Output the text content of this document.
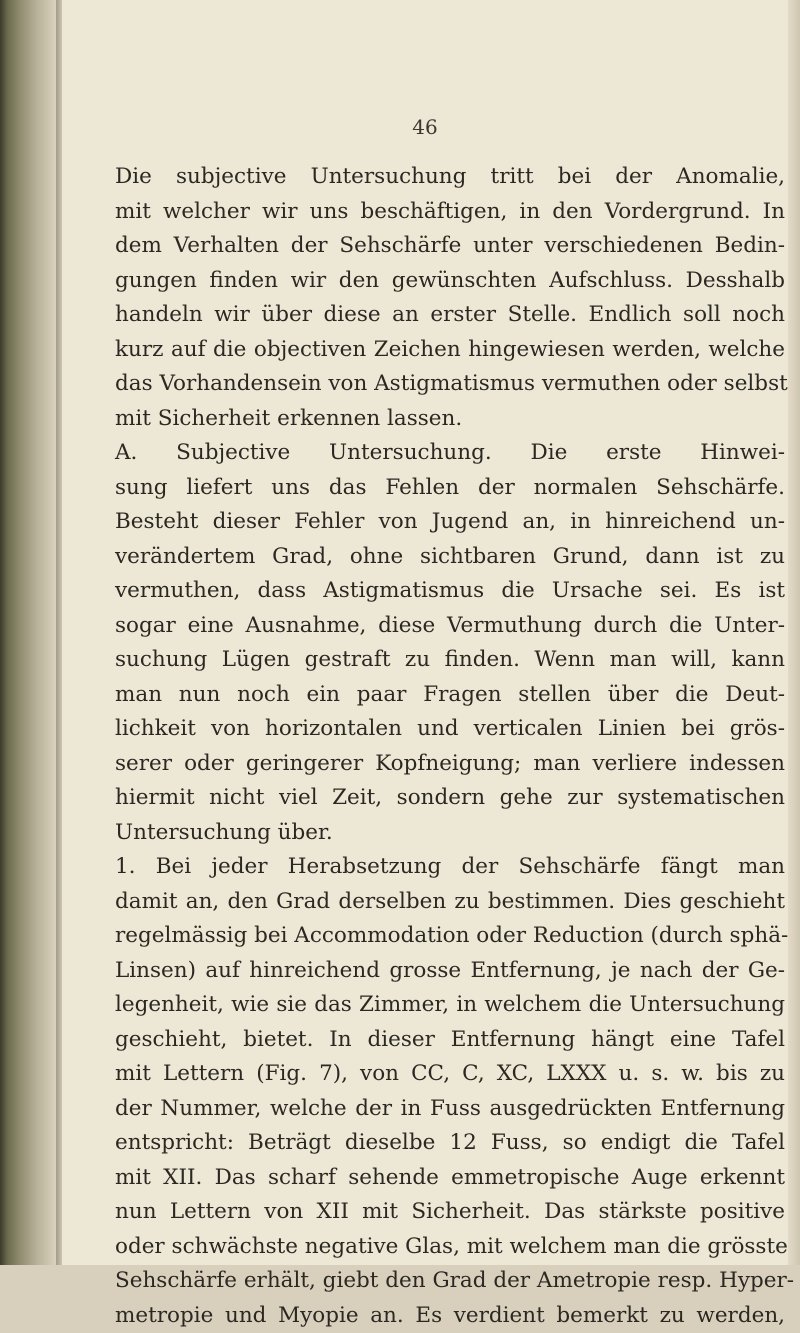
46

Die subjective Untersuchung tritt bei der Anomalie,
mit welcher wir uns beschäftigen, in den Vordergrund. In
dem Verhalten der Sehschärfe unter verschiedenen Bedin-
gungen finden wir den gewünschten Aufschluss. Desshalb
handeln wir über diese an erster Stelle. Endlich soll noch
kurz auf die objectiven Zeichen hingewiesen werden, welche
das Vorhandensein von Astigmatismus vermuthen oder selbst
mit Sicherheit erkennen lassen.
A. Subjective Untersuchung. Die erste Hinwei-
sung liefert uns das Fehlen der normalen Sehschärfe.
Besteht dieser Fehler von Jugend an, in hinreichend un-
verändertem Grad, ohne sichtbaren Grund, dann ist zu
vermuthen, dass Astigmatismus die Ursache sei. Es ist
sogar eine Ausnahme, diese Vermuthung durch die Unter-
suchung Lügen gestraft zu finden. Wenn man will, kann
man nun noch ein paar Fragen stellen über die Deut-
lichkeit von horizontalen und verticalen Linien bei grös-
serer oder geringerer Kopfneigung; man verliere indessen
hiermit nicht viel Zeit, sondern gehe zur systematischen
Untersuchung über.
1. Bei jeder Herabsetzung der Sehschärfe fängt man
damit an, den Grad derselben zu bestimmen. Dies geschieht
regelmässig bei Accommodation oder Reduction (durch sphä-
Linsen) auf hinreichend grosse Entfernung, je nach der Ge-
legenheit, wie sie das Zimmer, in welchem die Untersuchung
geschieht, bietet. In dieser Entfernung hängt eine Tafel
mit Lettern (Fig. 7), von CC, C, XC, LXXX u. s. w. bis zu
der Nummer, welche der in Fuss ausgedrückten Entfernung
entspricht: Beträgt dieselbe 12 Fuss, so endigt die Tafel
mit XII. Das scharf sehende emmetropische Auge erkennt
nun Lettern von XII mit Sicherheit. Das stärkste positive
oder schwächste negative Glas, mit welchem man die grösste
Sehschärfe erhält, giebt den Grad der Ametropie resp. Hyper-
metropie und Myopie an. Es verdient bemerkt zu werden,
